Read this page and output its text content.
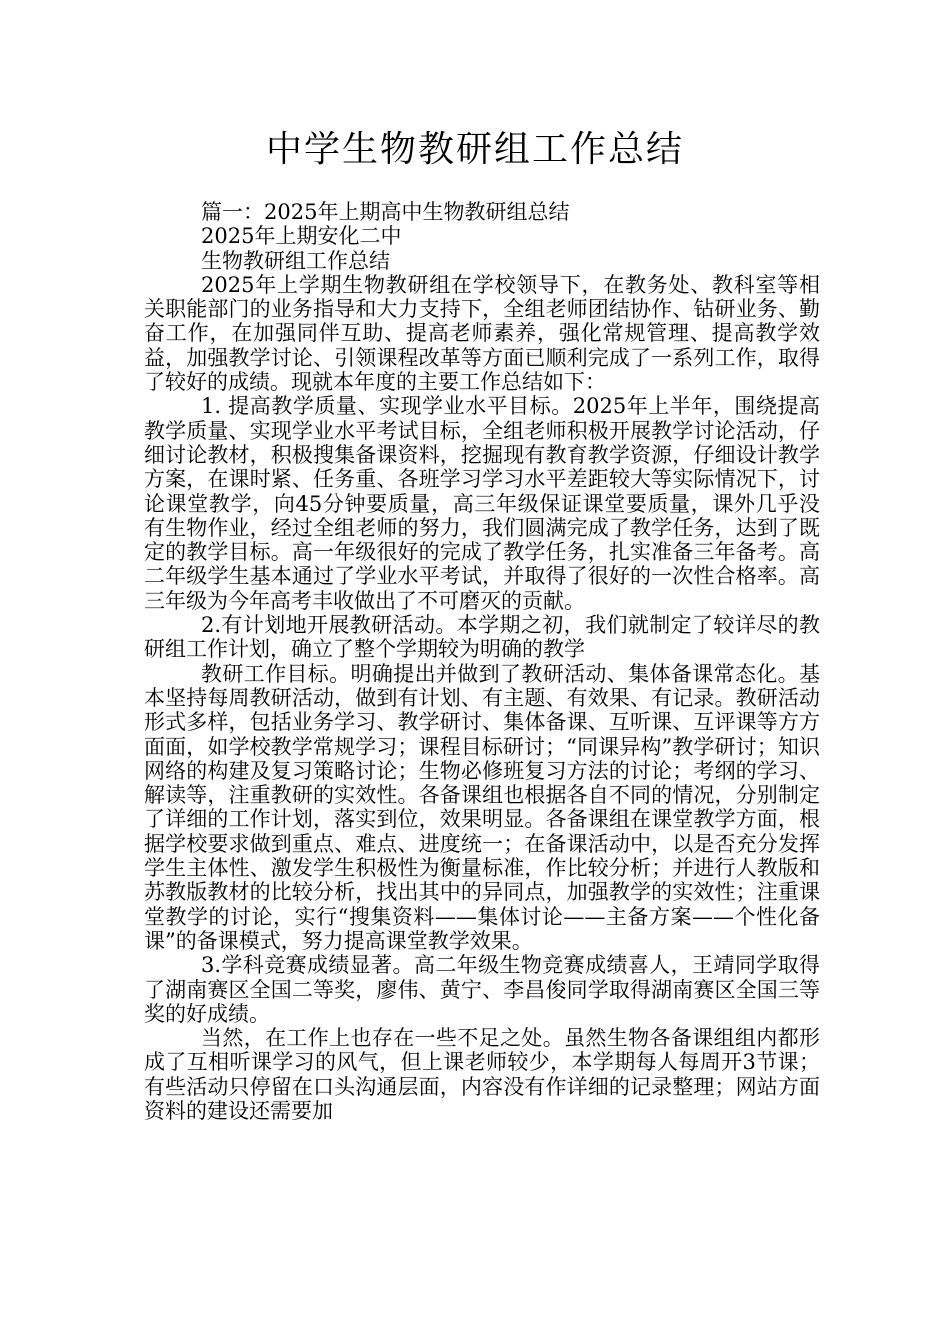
中学生物教研组工作总结

篇一：2025年上期高中生物教研组总结

2025年上期安化二中

生物教研组工作总结

2025年上学期生物教研组在学校领导下，在教务处、教科室等相关职能部门的业务指导和大力支持下，全组老师团结协作、钻研业务、勤奋工作，在加强同伴互助、提高老师素养，强化常规管理、提高教学效益，加强教学讨论、引领课程改革等方面已顺利完成了一系列工作，取得了较好的成绩。现就本年度的主要工作总结如下：

1. 提高教学质量、实现学业水平目标。2025年上半年，围绕提高教学质量、实现学业水平考试目标，全组老师积极开展教学讨论活动，仔细讨论教材，积极搜集备课资料，挖掘现有教育教学资源，仔细设计教学方案，在课时紧、任务重、各班学习学习水平差距较大等实际情况下，讨论课堂教学，向45分钟要质量，高三年级保证课堂要质量，课外几乎没有生物作业，经过全组老师的努力，我们圆满完成了教学任务，达到了既定的教学目标。高一年级很好的完成了教学任务，扎实准备三年备考。高二年级学生基本通过了学业水平考试，并取得了很好的一次性合格率。高三年级为今年高考丰收做出了不可磨灭的贡献。

2.有计划地开展教研活动。本学期之初，我们就制定了较详尽的教研组工作计划，确立了整个学期较为明确的教学

教研工作目标。明确提出并做到了教研活动、集体备课常态化。基本坚持每周教研活动，做到有计划、有主题、有效果、有记录。教研活动形式多样，包括业务学习、教学研讨、集体备课、互听课、互评课等方方面面，如学校教学常规学习；课程目标研讨；“同课异构”教学研讨；知识网络的构建及复习策略讨论；生物必修班复习方法的讨论；考纲的学习、解读等，注重教研的实效性。各备课组也根据各自不同的情况，分别制定了详细的工作计划，落实到位，效果明显。各备课组在课堂教学方面，根据学校要求做到重点、难点、进度统一；在备课活动中，以是否充分发挥学生主体性、激发学生积极性为衡量标准，作比较分析；并进行人教版和苏教版教材的比较分析，找出其中的异同点，加强教学的实效性；注重课堂教学的讨论，实行“搜集资料——集体讨论——主备方案——个性化备课”的备课模式，努力提高课堂教学效果。

3.学科竞赛成绩显著。高二年级生物竞赛成绩喜人，王靖同学取得了湖南赛区全国二等奖，廖伟、黄宁、李昌俊同学取得湖南赛区全国三等奖的好成绩。

当然，在工作上也存在一些不足之处。虽然生物各备课组组内都形成了互相听课学习的风气，但上课老师较少，本学期每人每周开3节课；有些活动只停留在口头沟通层面，内容没有作详细的记录整理；网站方面资料的建设还需要加
